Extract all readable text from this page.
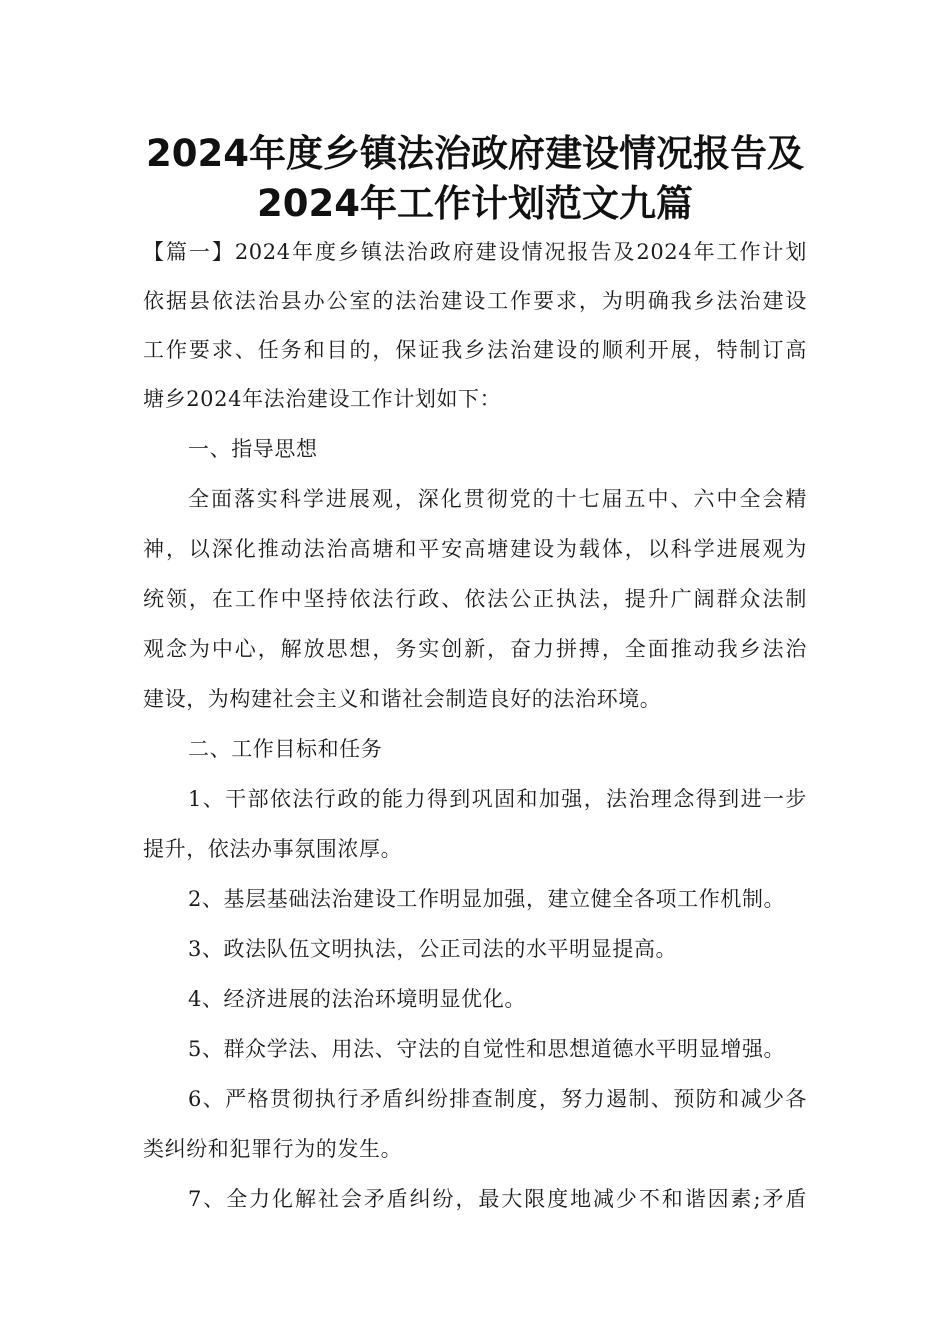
2024年度乡镇法治政府建设情况报告及
2024年工作计划范文九篇
【篇一】2024年度乡镇法治政府建设情况报告及2024年工作计划
依据县依法治县办公室的法治建设工作要求，为明确我乡法治建设
工作要求、任务和目的，保证我乡法治建设的顺利开展，特制订高
塘乡2024年法治建设工作计划如下：
一、指导思想
全面落实科学进展观，深化贯彻党的十七届五中、六中全会精
神，以深化推动法治高塘和平安高塘建设为载体，以科学进展观为
统领，在工作中坚持依法行政、依法公正执法，提升广阔群众法制
观念为中心，解放思想，务实创新，奋力拼搏，全面推动我乡法治
建设，为构建社会主义和谐社会制造良好的法治环境。
二、工作目标和任务
1、干部依法行政的能力得到巩固和加强，法治理念得到进一步
提升，依法办事氛围浓厚。
2、基层基础法治建设工作明显加强，建立健全各项工作机制。
3、政法队伍文明执法，公正司法的水平明显提高。
4、经济进展的法治环境明显优化。
5、群众学法、用法、守法的自觉性和思想道德水平明显增强。
6、严格贯彻执行矛盾纠纷排查制度，努力遏制、预防和减少各
类纠纷和犯罪行为的发生。
7、全力化解社会矛盾纠纷，最大限度地减少不和谐因素;矛盾
